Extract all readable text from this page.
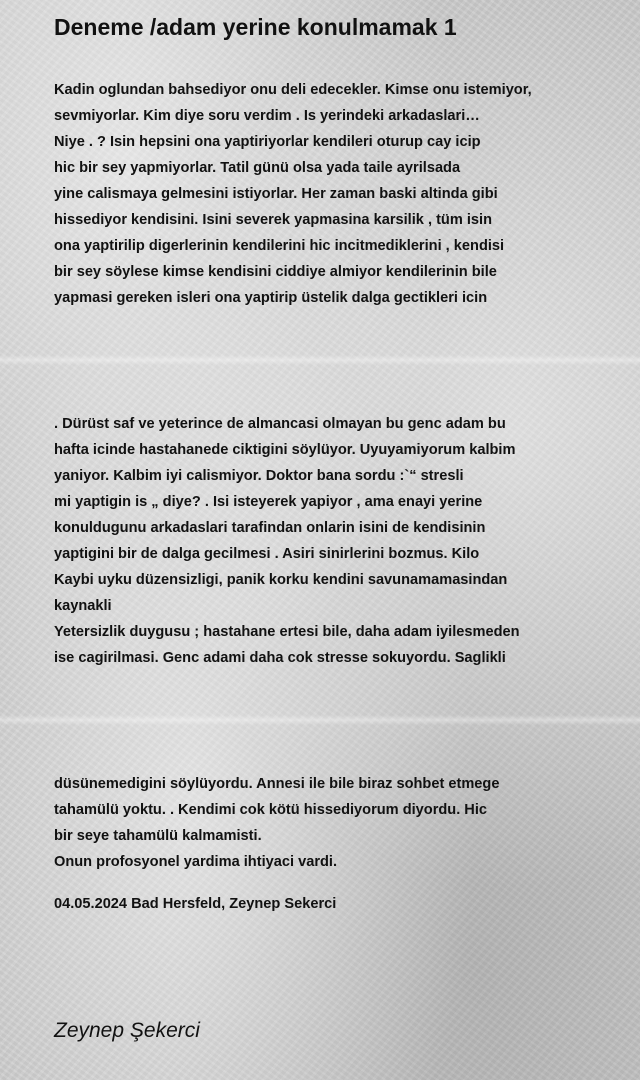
Deneme /adam yerine konulmamak 1
Kadin oglundan bahsediyor onu deli edecekler. Kimse onu istemiyor,
sevmiyorlar. Kim diye soru verdim . Is yerindeki arkadaslari…
Niye . ? Isin hepsini ona yaptiriyorlar kendileri oturup cay icip
hic bir sey yapmiyorlar. Tatil günü olsa yada taile ayrilsada
yine calismaya gelmesini istiyorlar. Her zaman baski altinda gibi
hissediyor kendisini. Isini severek yapmasina karsilik , tüm isin
ona yaptirilip digerlerinin kendilerini hic incitmediklerini , kendisi
bir sey söylese kimse kendisini ciddiye almiyor kendilerinin bile
yapmasi gereken isleri ona yaptirip üstelik dalga gectikleri icin
. Dürüst saf ve yeterince de almancasi olmayan bu genc adam bu
hafta icinde hastahanede ciktigini söylüyor. Uyuyamiyorum kalbim
yaniyor. Kalbim iyi calismiyor. Doktor bana sordu :`“ stresli
mi yaptigin is „ diye? . Isi isteyerek yapiyor , ama enayi yerine
konuldugunu arkadaslari tarafindan onlarin isini de kendisinin
yaptigini bir de dalga gecilmesi . Asiri sinirlerini bozmus. Kilo
Kaybi uyku düzensizligi, panik korku kendini savunamamasindan
kaynakli
Yetersizlik duygusu ; hastahane ertesi bile, daha adam iyilesmeden
ise cagirilmasi. Genc adami daha cok stresse sokuyordu. Saglikli
düsünemedigini söylüyordu. Annesi ile bile biraz sohbet etmege
tahamülü yoktu. . Kendimi cok kötü hissediyorum diyordu. Hic
bir seye tahamülü kalmamisti.
Onun profosyonel yardima ihtiyaci vardi.
04.05.2024 Bad Hersfeld, Zeynep Sekerci
Zeynep Şekerci
